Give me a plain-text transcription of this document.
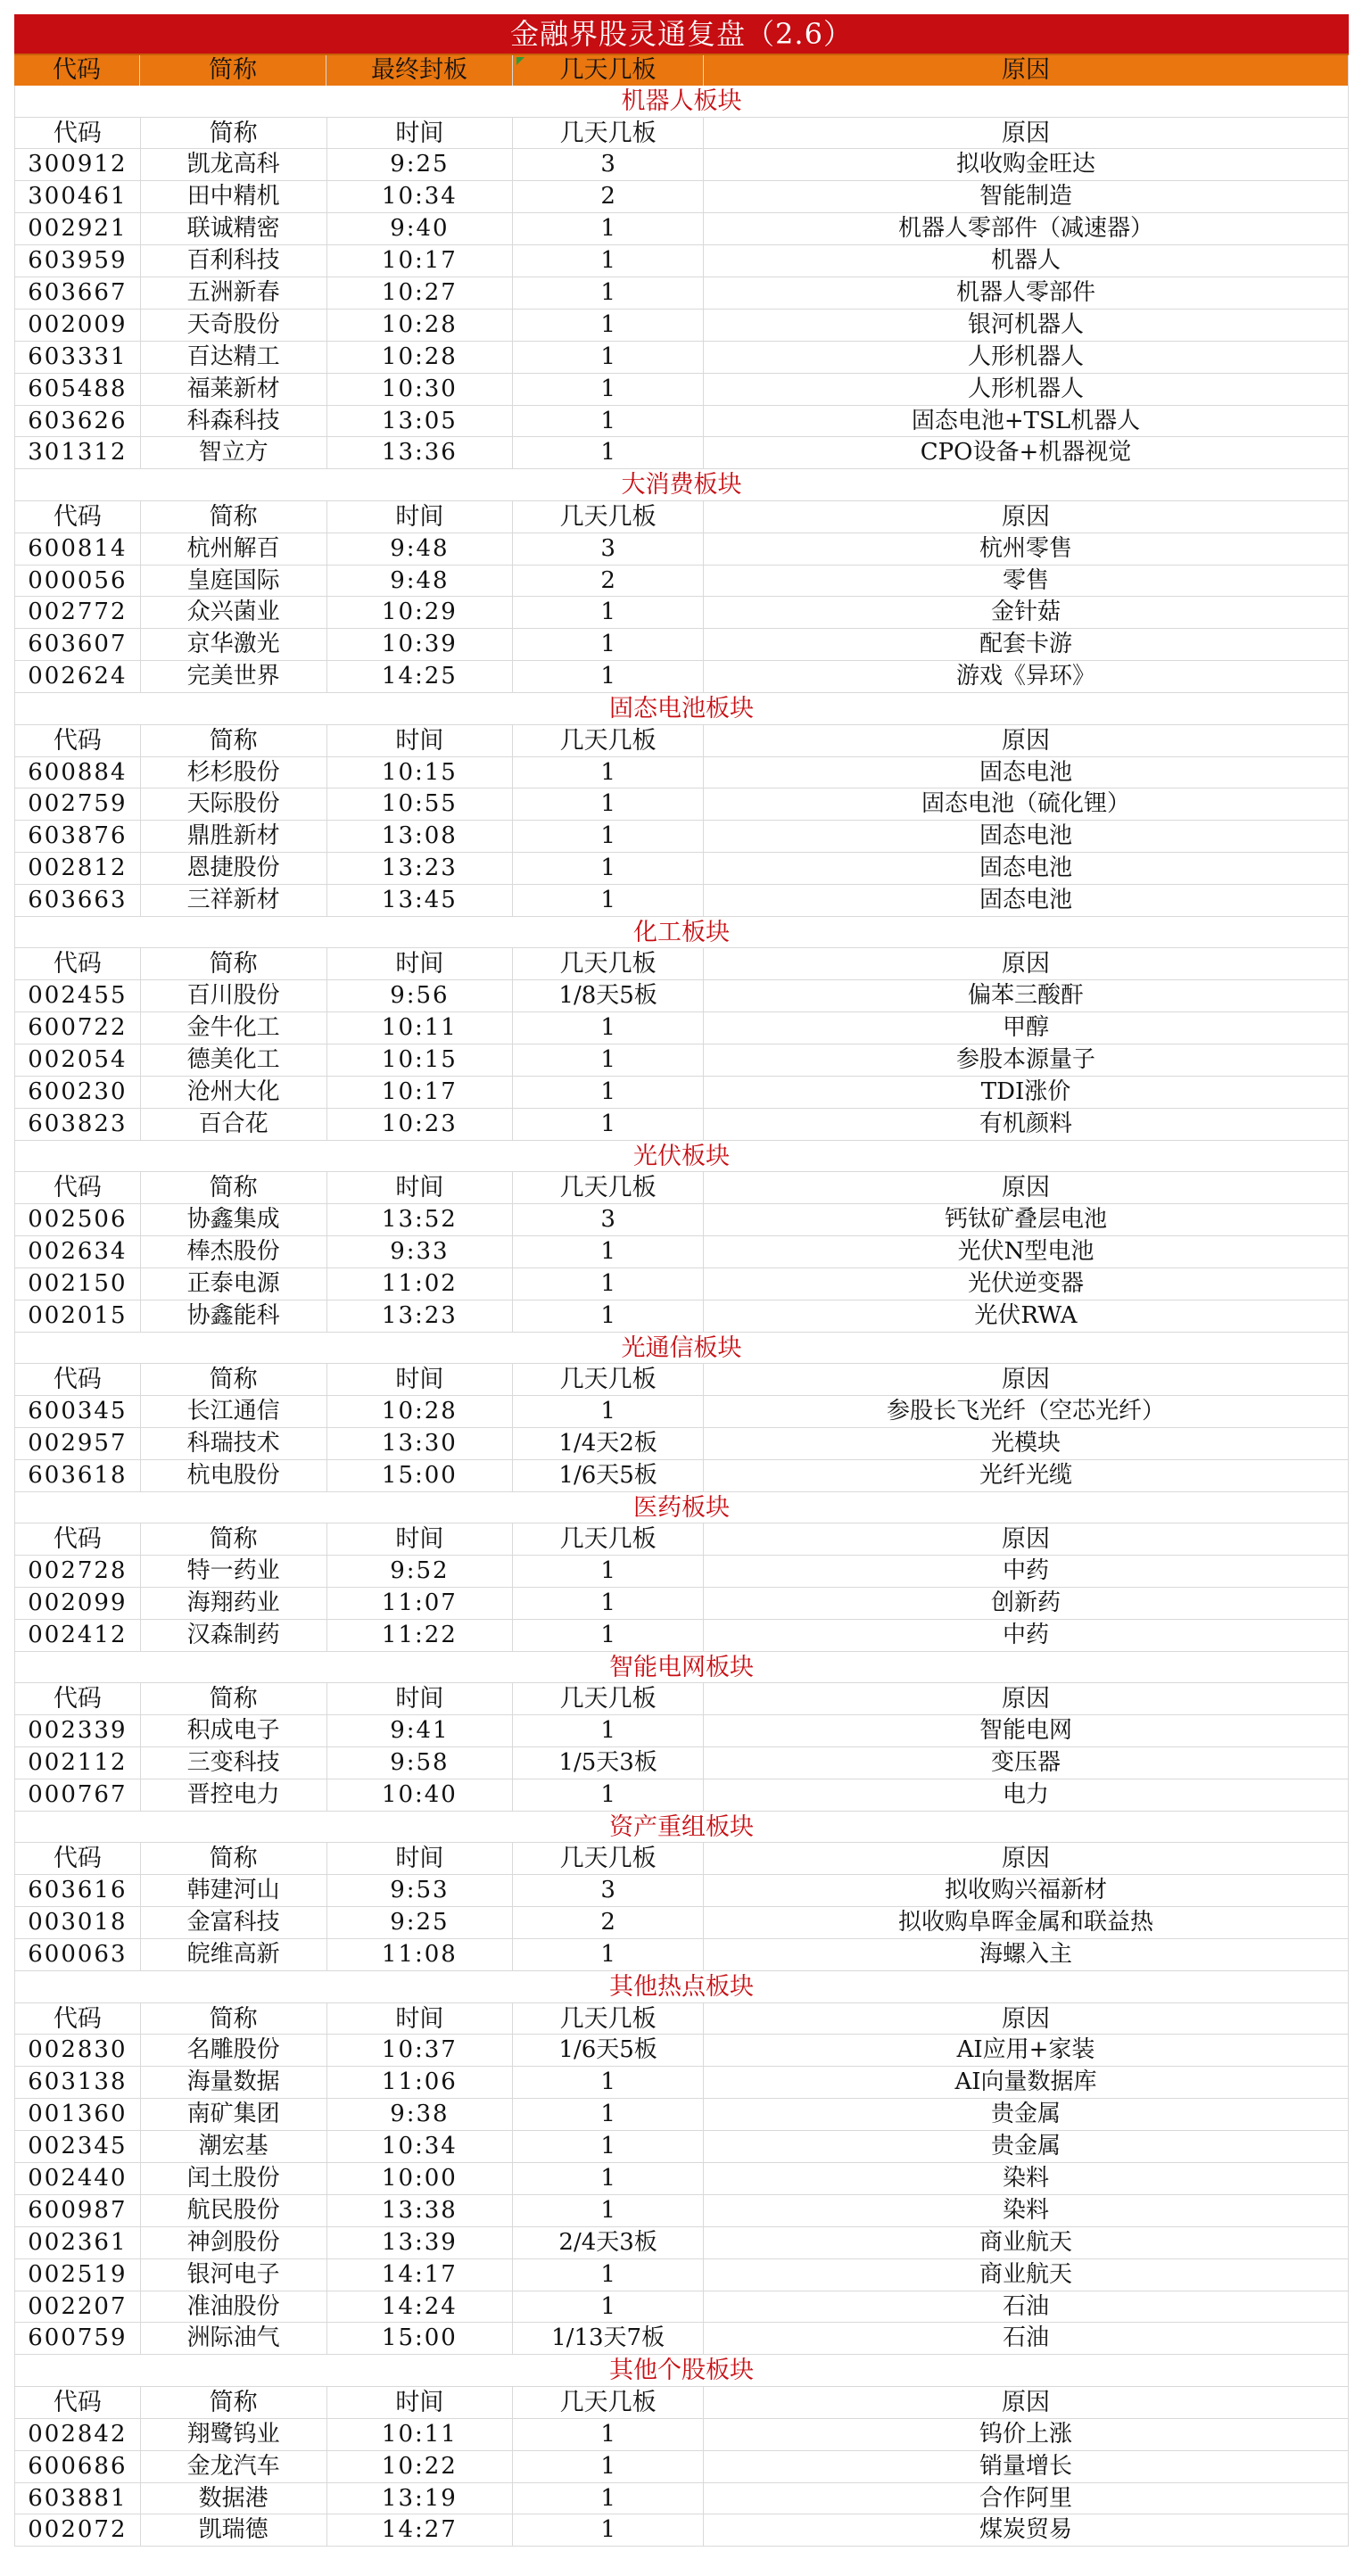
金融界股灵通复盘（2.6）
代码	简称	最终封板	几天几板	原因
机器人板块
代码	简称	时间	几天几板	原因
300912	凯龙高科	9:25	3	拟收购金旺达
300461	田中精机	10:34	2	智能制造
002921	联诚精密	9:40	1	机器人零部件（减速器）
603959	百利科技	10:17	1	机器人
603667	五洲新春	10:27	1	机器人零部件
002009	天奇股份	10:28	1	银河机器人
603331	百达精工	10:28	1	人形机器人
605488	福莱新材	10:30	1	人形机器人
603626	科森科技	13:05	1	固态电池+TSL机器人
301312	智立方	13:36	1	CPO设备+机器视觉
大消费板块
代码	简称	时间	几天几板	原因
600814	杭州解百	9:48	3	杭州零售
000056	皇庭国际	9:48	2	零售
002772	众兴菌业	10:29	1	金针菇
603607	京华激光	10:39	1	配套卡游
002624	完美世界	14:25	1	游戏《异环》
固态电池板块
代码	简称	时间	几天几板	原因
600884	杉杉股份	10:15	1	固态电池
002759	天际股份	10:55	1	固态电池（硫化锂）
603876	鼎胜新材	13:08	1	固态电池
002812	恩捷股份	13:23	1	固态电池
603663	三祥新材	13:45	1	固态电池
化工板块
代码	简称	时间	几天几板	原因
002455	百川股份	9:56	1/8天5板	偏苯三酸酐
600722	金牛化工	10:11	1	甲醇
002054	德美化工	10:15	1	参股本源量子
600230	沧州大化	10:17	1	TDI涨价
603823	百合花	10:23	1	有机颜料
光伏板块
代码	简称	时间	几天几板	原因
002506	协鑫集成	13:52	3	钙钛矿叠层电池
002634	棒杰股份	9:33	1	光伏N型电池
002150	正泰电源	11:02	1	光伏逆变器
002015	协鑫能科	13:23	1	光伏RWA
光通信板块
代码	简称	时间	几天几板	原因
600345	长江通信	10:28	1	参股长飞光纤（空芯光纤）
002957	科瑞技术	13:30	1/4天2板	光模块
603618	杭电股份	15:00	1/6天5板	光纤光缆
医药板块
代码	简称	时间	几天几板	原因
002728	特一药业	9:52	1	中药
002099	海翔药业	11:07	1	创新药
002412	汉森制药	11:22	1	中药
智能电网板块
代码	简称	时间	几天几板	原因
002339	积成电子	9:41	1	智能电网
002112	三变科技	9:58	1/5天3板	变压器
000767	晋控电力	10:40	1	电力
资产重组板块
代码	简称	时间	几天几板	原因
603616	韩建河山	9:53	3	拟收购兴福新材
003018	金富科技	9:25	2	拟收购阜晖金属和联益热
600063	皖维高新	11:08	1	海螺入主
其他热点板块
代码	简称	时间	几天几板	原因
002830	名雕股份	10:37	1/6天5板	AI应用+家装
603138	海量数据	11:06	1	AI向量数据库
001360	南矿集团	9:38	1	贵金属
002345	潮宏基	10:34	1	贵金属
002440	闰土股份	10:00	1	染料
600987	航民股份	13:38	1	染料
002361	神剑股份	13:39	2/4天3板	商业航天
002519	银河电子	14:17	1	商业航天
002207	准油股份	14:24	1	石油
600759	洲际油气	15:00	1/13天7板	石油
其他个股板块
代码	简称	时间	几天几板	原因
002842	翔鹭钨业	10:11	1	钨价上涨
600686	金龙汽车	10:22	1	销量增长
603881	数据港	13:19	1	合作阿里
002072	凯瑞德	14:27	1	煤炭贸易
